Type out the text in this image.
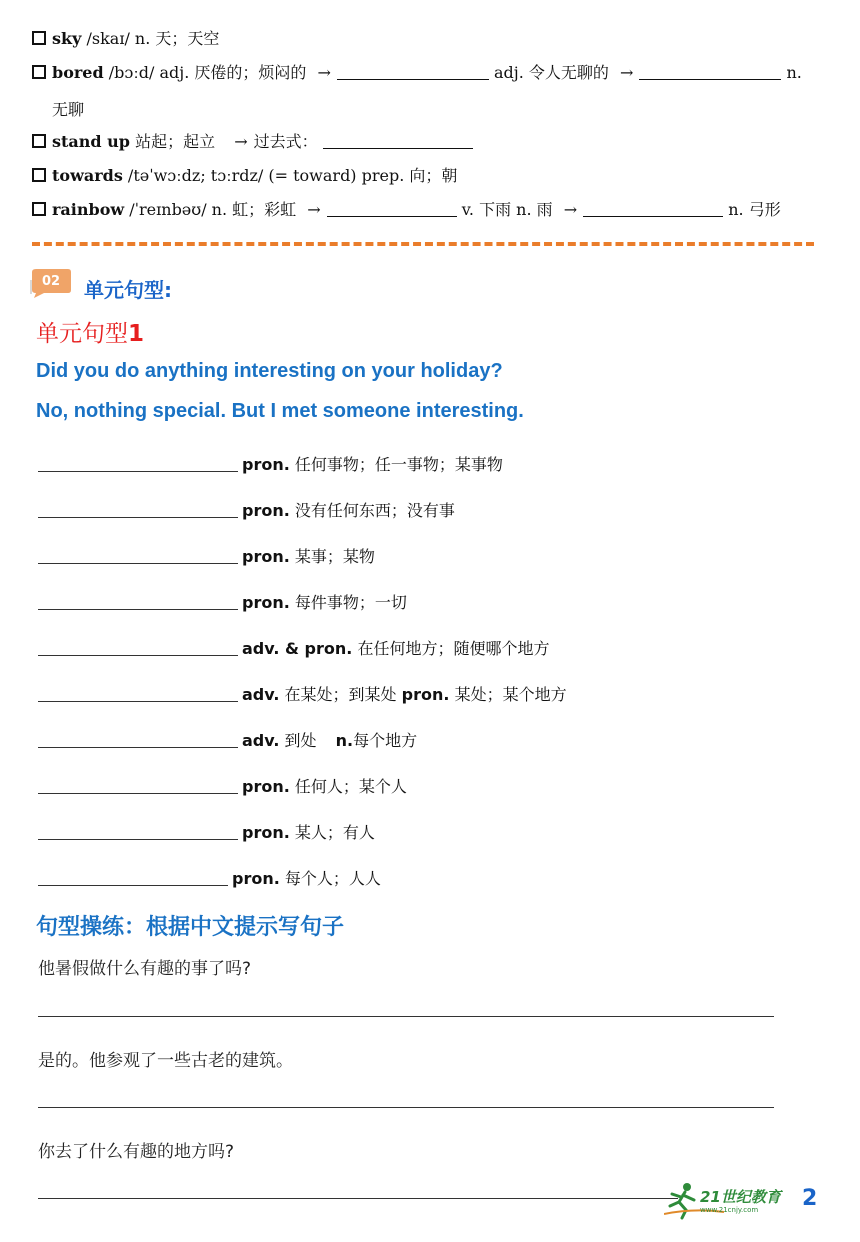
sky /skaɪ/ n. 天；天空
bored /bɔːd/ adj. 厌倦的；烦闷的 →	adj. 令人无聊的 →	n.
无聊
stand up 站起；起立 → 过去式：
towards /təˈwɔːdz; tɔːrdz/ (= toward) prep. 向；朝
rainbow /ˈreɪnbəʊ/ n. 虹；彩虹 →	v. 下雨 n. 雨 →	n. 弓形
02	单元句型:
单元句型1
Did you do anything interesting on your holiday?
No, nothing special. But I met someone interesting.
pron. 任何事物；任一事物；某事物
pron. 没有任何东西；没有事
pron. 某事；某物
pron. 每件事物；一切
adv. & pron. 在任何地方；随便哪个地方
adv. 在某处；到某处 pron. 某处；某个地方
adv. 到处 n.每个地方
pron. 任何人；某个人
pron. 某人；有人
pron. 每个人；人人
句型操练：根据中文提示写句子
他暑假做什么有趣的事了吗?
是的。他参观了一些古老的建筑。
你去了什么有趣的地方吗?
21世纪教育
www.21cnjy.com 2
